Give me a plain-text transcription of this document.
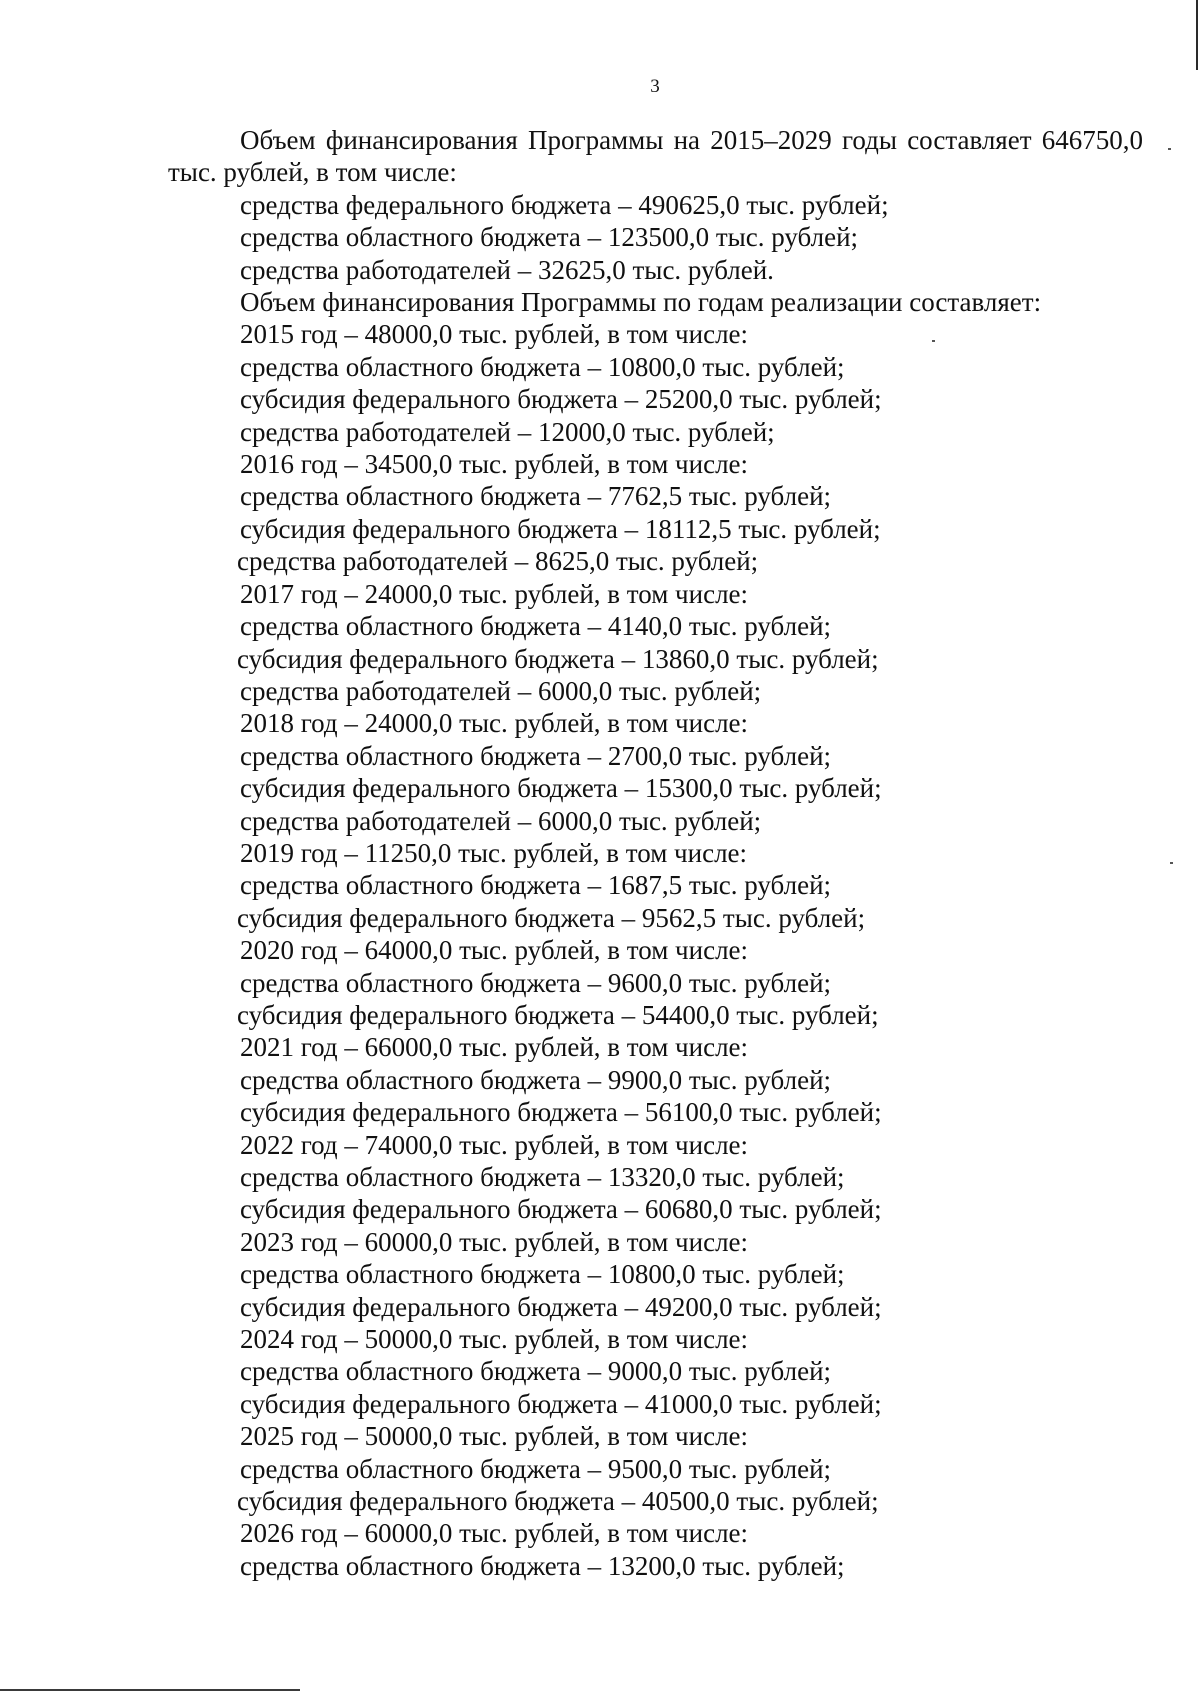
3

Объем финансирования Программы на 2015–2029 годы составляет 646750,0 тыс. рублей, в том числе:

средства федерального бюджета – 490625,0 тыс. рублей;

средства областного бюджета – 123500,0 тыс. рублей;

средства работодателей – 32625,0 тыс. рублей.

Объем финансирования Программы по годам реализации составляет:

2015 год – 48000,0 тыс. рублей, в том числе:

средства областного бюджета – 10800,0 тыс. рублей;

субсидия федерального бюджета – 25200,0 тыс. рублей;

средства работодателей – 12000,0 тыс. рублей;

2016 год – 34500,0 тыс. рублей, в том числе:

средства областного бюджета – 7762,5 тыс. рублей;

субсидия федерального бюджета – 18112,5 тыс. рублей;

средства работодателей – 8625,0 тыс. рублей;

2017 год – 24000,0 тыс. рублей, в том числе:

средства областного бюджета – 4140,0 тыс. рублей;

субсидия федерального бюджета – 13860,0 тыс. рублей;

средства работодателей – 6000,0 тыс. рублей;

2018 год – 24000,0 тыс. рублей, в том числе:

средства областного бюджета – 2700,0 тыс. рублей;

субсидия федерального бюджета – 15300,0 тыс. рублей;

средства работодателей – 6000,0 тыс. рублей;

2019 год – 11250,0 тыс. рублей, в том числе:

средства областного бюджета – 1687,5 тыс. рублей;

субсидия федерального бюджета – 9562,5 тыс. рублей;

2020 год – 64000,0 тыс. рублей, в том числе:

средства областного бюджета – 9600,0 тыс. рублей;

субсидия федерального бюджета – 54400,0 тыс. рублей;

2021 год – 66000,0 тыс. рублей, в том числе:

средства областного бюджета – 9900,0 тыс. рублей;

субсидия федерального бюджета – 56100,0 тыс. рублей;

2022 год – 74000,0 тыс. рублей, в том числе:

средства областного бюджета – 13320,0 тыс. рублей;

субсидия федерального бюджета – 60680,0 тыс. рублей;

2023 год – 60000,0 тыс. рублей, в том числе:

средства областного бюджета – 10800,0 тыс. рублей;

субсидия федерального бюджета – 49200,0 тыс. рублей;

2024 год – 50000,0 тыс. рублей, в том числе:

средства областного бюджета – 9000,0 тыс. рублей;

субсидия федерального бюджета – 41000,0 тыс. рублей;

2025 год – 50000,0 тыс. рублей, в том числе:

средства областного бюджета – 9500,0 тыс. рублей;

субсидия федерального бюджета – 40500,0 тыс. рублей;

2026 год – 60000,0 тыс. рублей, в том числе:

средства областного бюджета – 13200,0 тыс. рублей;
